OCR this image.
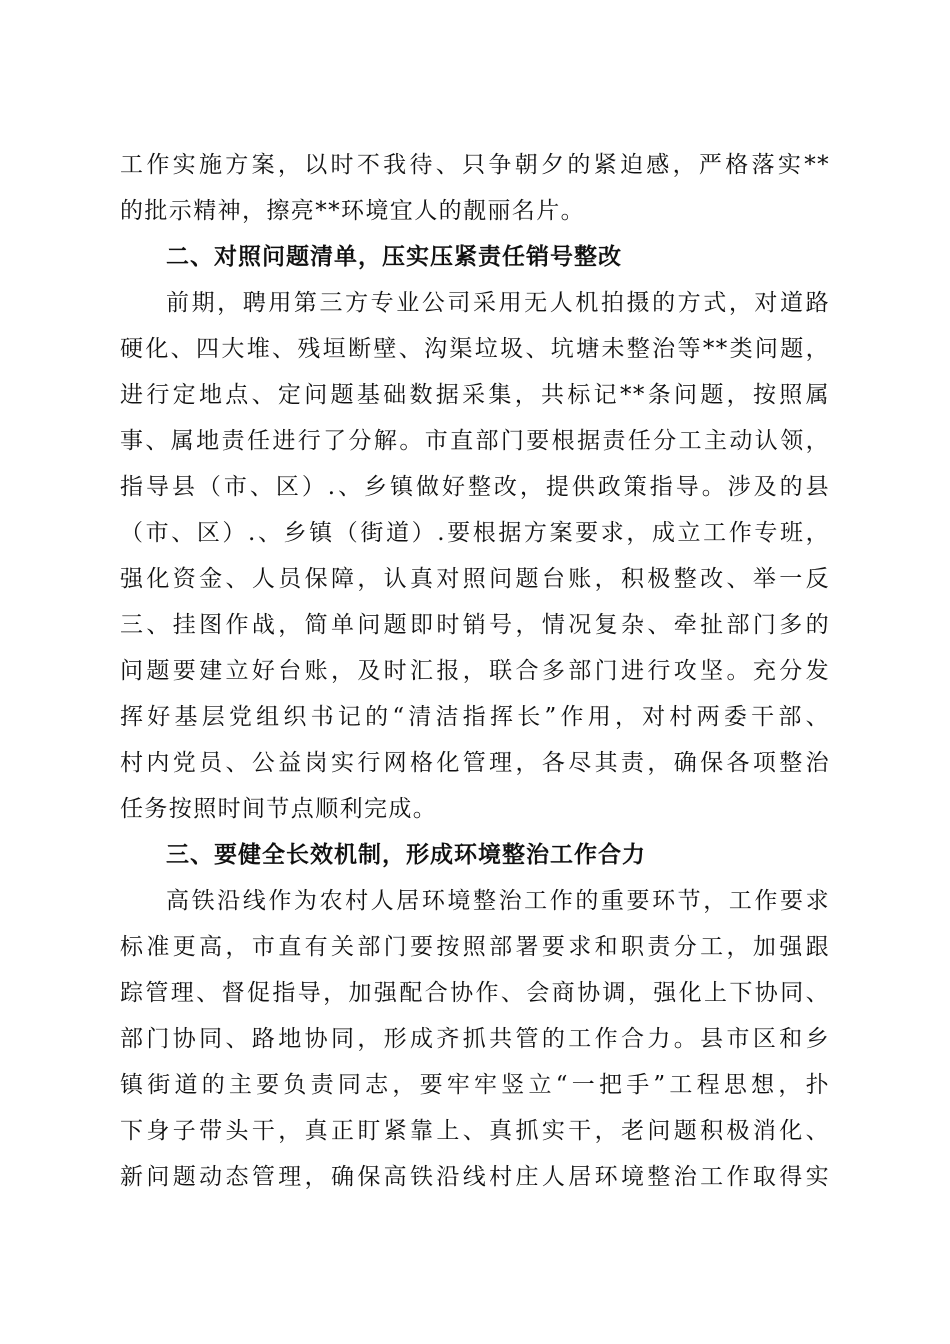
工作实施方案，以时不我待、只争朝夕的紧迫感，严格落实**
的批示精神，擦亮**环境宜人的靓丽名片。
二、对照问题清单，压实压紧责任销号整改
前期，聘用第三方专业公司采用无人机拍摄的方式，对道路
硬化、四大堆、残垣断壁、沟渠垃圾、坑塘未整治等**类问题，
进行定地点、定问题基础数据采集，共标记**条问题，按照属
事、属地责任进行了分解。市直部门要根据责任分工主动认领，
指导县（市、区）.、乡镇做好整改，提供政策指导。涉及的县
（市、区）.、乡镇（街道）.要根据方案要求，成立工作专班，
强化资金、人员保障，认真对照问题台账，积极整改、举一反
三、挂图作战，简单问题即时销号，情况复杂、牵扯部门多的
问题要建立好台账，及时汇报，联合多部门进行攻坚。充分发
挥好基层党组织书记的“清洁指挥长”作用，对村两委干部、
村内党员、公益岗实行网格化管理，各尽其责，确保各项整治
任务按照时间节点顺利完成。
三、要健全长效机制，形成环境整治工作合力
高铁沿线作为农村人居环境整治工作的重要环节，工作要求
标准更高，市直有关部门要按照部署要求和职责分工，加强跟
踪管理、督促指导，加强配合协作、会商协调，强化上下协同、
部门协同、路地协同，形成齐抓共管的工作合力。县市区和乡
镇街道的主要负责同志，要牢牢竖立“一把手”工程思想，扑
下身子带头干，真正盯紧靠上、真抓实干，老问题积极消化、
新问题动态管理，确保高铁沿线村庄人居环境整治工作取得实
